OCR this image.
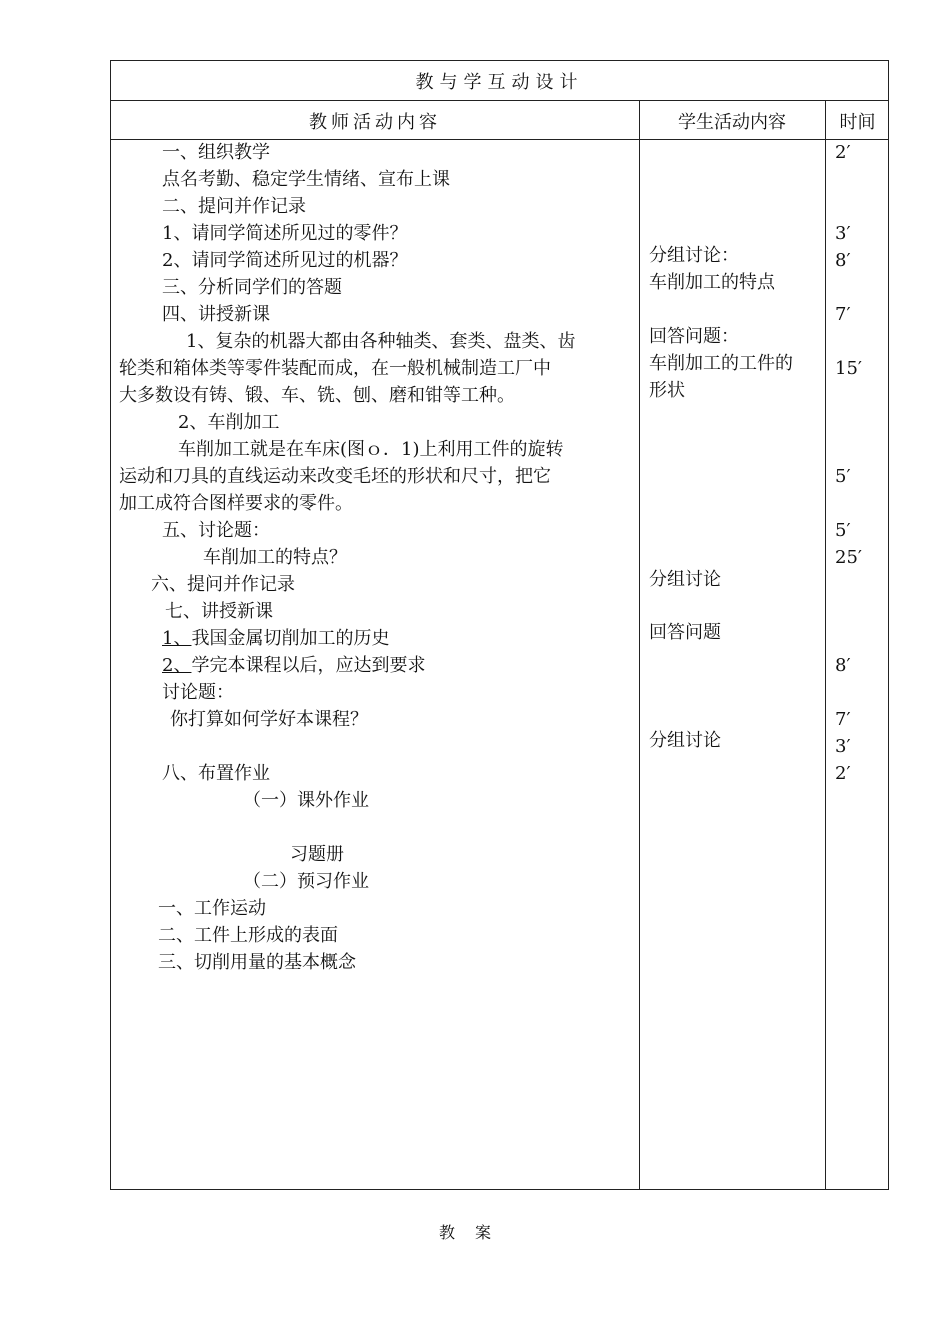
教与学互动设计
教师活动内容	学生活动内容	时间
一、组织教学
点名考勤、稳定学生情绪、宣布上课
二、提问并作记录
1、请同学简述所见过的零件？
2、请同学简述所见过的机器？
三、分析同学们的答题
四、讲授新课
1、复杂的机器大都由各种轴类、套类、盘类、齿
轮类和箱体类等零件装配而成，在一般机械制造工厂中
大多数设有铸、锻、车、铣、刨、磨和钳等工种。
2、车削加工
车削加工就是在车床(图ｏ．1)上利用工件的旋转
运动和刀具的直线运动来改变毛坯的形状和尺寸，把它
加工成符合图样要求的零件。
五、讨论题：
车削加工的特点？
六、提问并作记录
七、讲授新课
1、我国金属切削加工的历史
2、学完本课程以后，应达到要求
讨论题：
你打算如何学好本课程？
八、布置作业
（一）课外作业
习题册
（二）预习作业
一、工作运动
二、工件上形成的表面
三、切削用量的基本概念
分组讨论：
车削加工的特点
回答问题：
车削加工的工件的
形状
分组讨论
回答问题
分组讨论
2′
3′
8′
7′
15′
5′
5′
25′
8′
7′
3′
2′
教案
